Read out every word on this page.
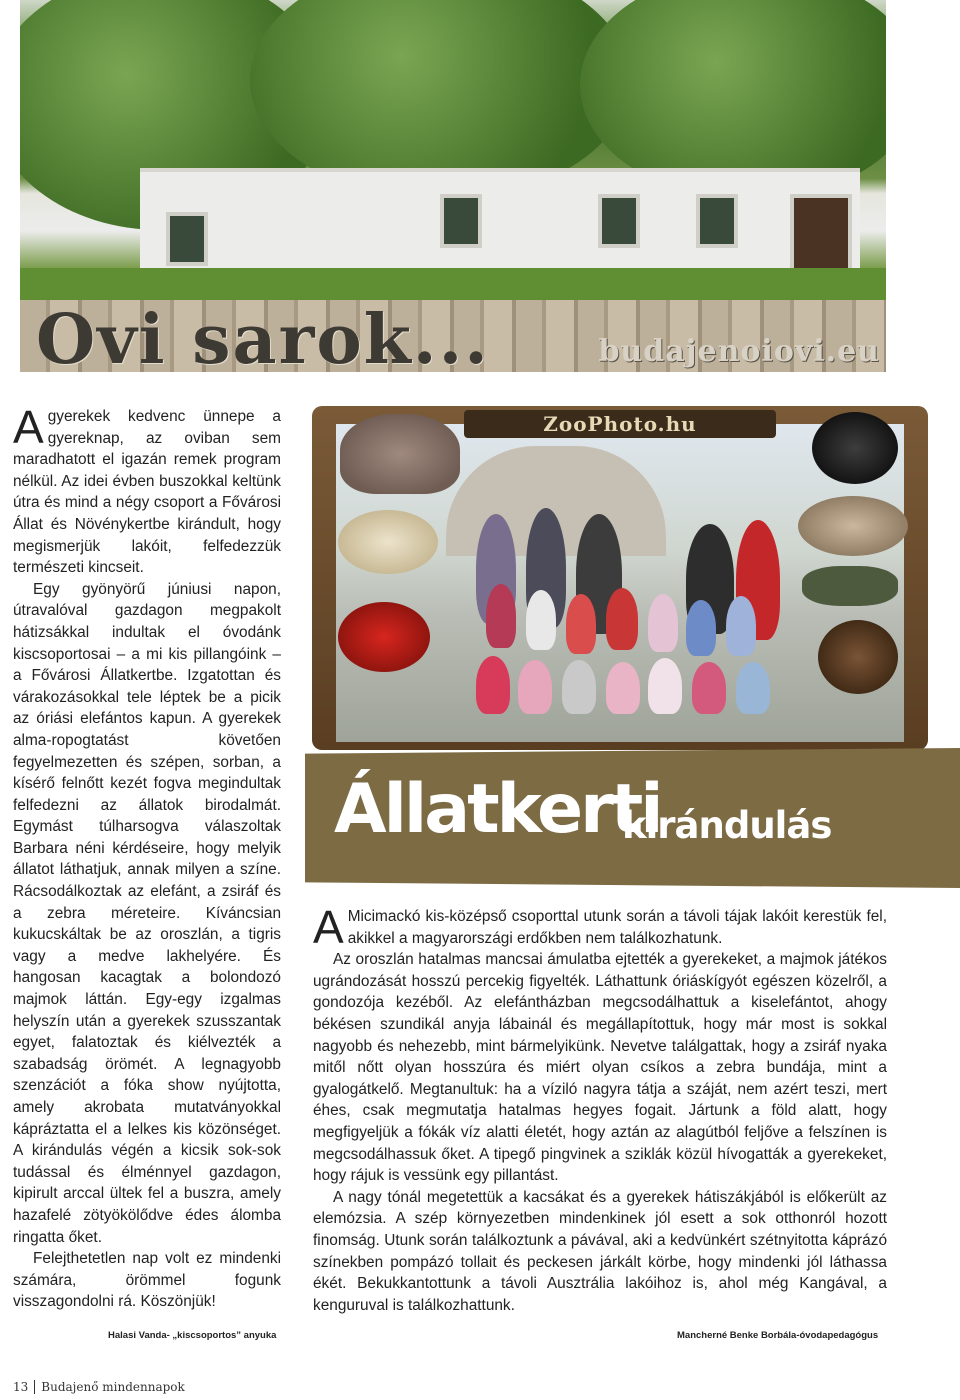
Ovi sarok...	budajenoiovi.eu

Agyerekek kedvenc ünnepe a gyereknap, az oviban sem maradhatott el igazán remek program nélkül. Az idei évben buszokkal keltünk útra és mind a négy csoport a Fővárosi Állat és Növénykertbe kirándult, hogy megismerjük lakóit, felfedezzük természeti kincseit.

Egy gyönyörű júniusi napon, útravalóval gazdagon megpakolt hátizsákkal indultak el óvodánk kiscsoportosai – a mi kis pillangóink – a Fővárosi Állatkertbe. Izgatottan és várakozásokkal tele léptek be a picik az óriási elefántos kapun. A gyerekek alma-ropogtatást követően fegyelmezetten és szépen, sorban, a kísérő felnőtt kezét fogva megindultak felfedezni az állatok birodalmát. Egymást túlharsogva válaszoltak Barbara néni kérdéseire, hogy melyik állatot láthatjuk, annak milyen a színe. Rácsodálkoztak az elefánt, a zsiráf és a zebra méreteire. Kíváncsian kukucskáltak be az oroszlán, a tigris vagy a medve lakhelyére. És hangosan kacagtak a bolondozó majmok láttán. Egy-egy izgalmas helyszín után a gyerekek szusszantak egyet, falatoztak és kiélvezték a szabadság örömét. A legnagyobb szenzációt a fóka show nyújtotta, amely akrobata mutatványokkal kápráztatta el a lelkes kis közönséget. A kirándulás végén a kicsik sok-sok tudással és élménnyel gazdagon, kipirult arccal ültek fel a buszra, amely hazafelé zötyökölődve édes álomba ringatta őket.

Felejthetetlen nap volt ez mindenki számára, örömmel fogunk visszagondolni rá. Köszönjük!

Halasi Vanda- „kiscsoportos” anyuka
ZooPhoto.hu
Állatkerti
kirándulás

A Micimackó kis-középső csoporttal utunk során a távoli tájak lakóit kerestük fel, akikkel a magyarországi erdőkben nem találkozhatunk.

Az oroszlán hatalmas mancsai ámulatba ejtették a gyerekeket, a majmok játékos ugrándozását hosszú percekig figyelték. Láthattunk óriáskígyót egészen közelről, a gondozója kezéből. Az elefántházban megcsodálhattuk a kiselefántot, ahogy békésen szundikál anyja lábainál és megállapítottuk, hogy már most is sokkal nagyobb és nehezebb, mint bármelyikünk. Nevetve találgattak, hogy a zsiráf nyaka mitől nőtt olyan hosszúra és miért olyan csíkos a zebra bundája, mint a gyalogátkelő. Megtanultuk: ha a víziló nagyra tátja a száját, nem azért teszi, mert éhes, csak megmutatja hatalmas hegyes fogait. Jártunk a föld alatt, hogy megfigyeljük a fókák víz alatti életét, hogy aztán az alagútból feljőve a felszínen is megcsodálhassuk őket. A tipegő pingvinek a sziklák közül hívogatták a gyerekeket, hogy rájuk is vessünk egy pillantást.

A nagy tónál megetettük a kacsákat és a gyerekek hátiszákjából is előkerült az elemózsia. A szép környezetben mindenkinek jól esett a sok otthonról hozott finomság. Utunk során találkoztunk a pávával, aki a kedvünkért szétnyitotta káprázó színekben pompázó tollait és peckesen járkált körbe, hogy mindenki jól láthassa ékét. Bekukkantottunk a távoli Ausztrália lakóihoz is, ahol még Kangával, a kenguruval is találkozhattunk.

Mancherné Benke Borbála-óvodapedagógus
13 Budajenő mindennapok
